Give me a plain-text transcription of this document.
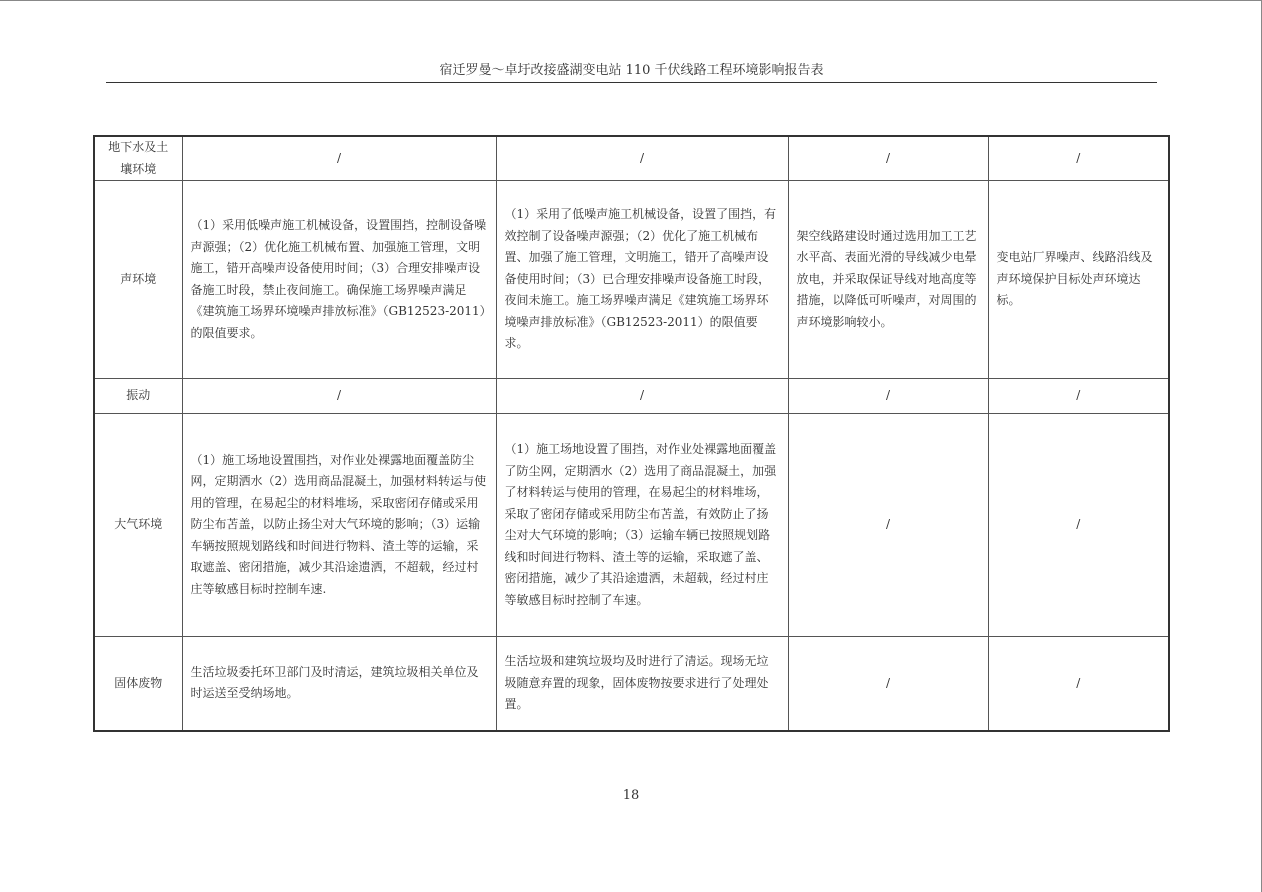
宿迁罗曼～卓圩改接盛湖变电站 110 千伏线路工程环境影响报告表
地下水及土壤环境	/	/	/	/
声环境	（1）采用低噪声施工机械设备，设置围挡，控制设备噪声源强；（2）优化施工机械布置、加强施工管理，文明施工，错开高噪声设备使用时间；（3）合理安排噪声设备施工时段，禁止夜间施工。确保施工场界噪声满足《建筑施工场界环境噪声排放标准》（GB12523-2011）的限值要求。	（1）采用了低噪声施工机械设备，设置了围挡，有效控制了设备噪声源强；（2）优化了施工机械布置、加强了施工管理，文明施工，错开了高噪声设备使用时间；（3）已合理安排噪声设备施工时段，夜间未施工。施工场界噪声满足《建筑施工场界环境噪声排放标准》（GB12523-2011）的限值要求。	架空线路建设时通过选用加工工艺水平高、表面光滑的导线减少电晕放电，并采取保证导线对地高度等措施，以降低可听噪声，对周围的声环境影响较小。	变电站厂界噪声、线路沿线及声环境保护目标处声环境达标。
振动	/	/	/	/
大气环境	（1）施工场地设置围挡，对作业处裸露地面覆盖防尘网，定期洒水（2）选用商品混凝土，加强材料转运与使用的管理，在易起尘的材料堆场，采取密闭存储或采用防尘布苫盖，以防止扬尘对大气环境的影响；（3）运输车辆按照规划路线和时间进行物料、渣土等的运输，采取遮盖、密闭措施，减少其沿途遗洒，不超载，经过村庄等敏感目标时控制车速.	（1）施工场地设置了围挡，对作业处裸露地面覆盖了防尘网，定期洒水（2）选用了商品混凝土，加强了材料转运与使用的管理，在易起尘的材料堆场，采取了密闭存储或采用防尘布苫盖，有效防止了扬尘对大气环境的影响；（3）运输车辆已按照规划路线和时间进行物料、渣土等的运输，采取遮了盖、密闭措施，减少了其沿途遗洒，未超载，经过村庄等敏感目标时控制了车速。	/	/
固体废物	生活垃圾委托环卫部门及时清运，建筑垃圾相关单位及时运送至受纳场地。	生活垃圾和建筑垃圾均及时进行了清运。现场无垃圾随意弃置的现象，固体废物按要求进行了处理处置。	/	/
18
